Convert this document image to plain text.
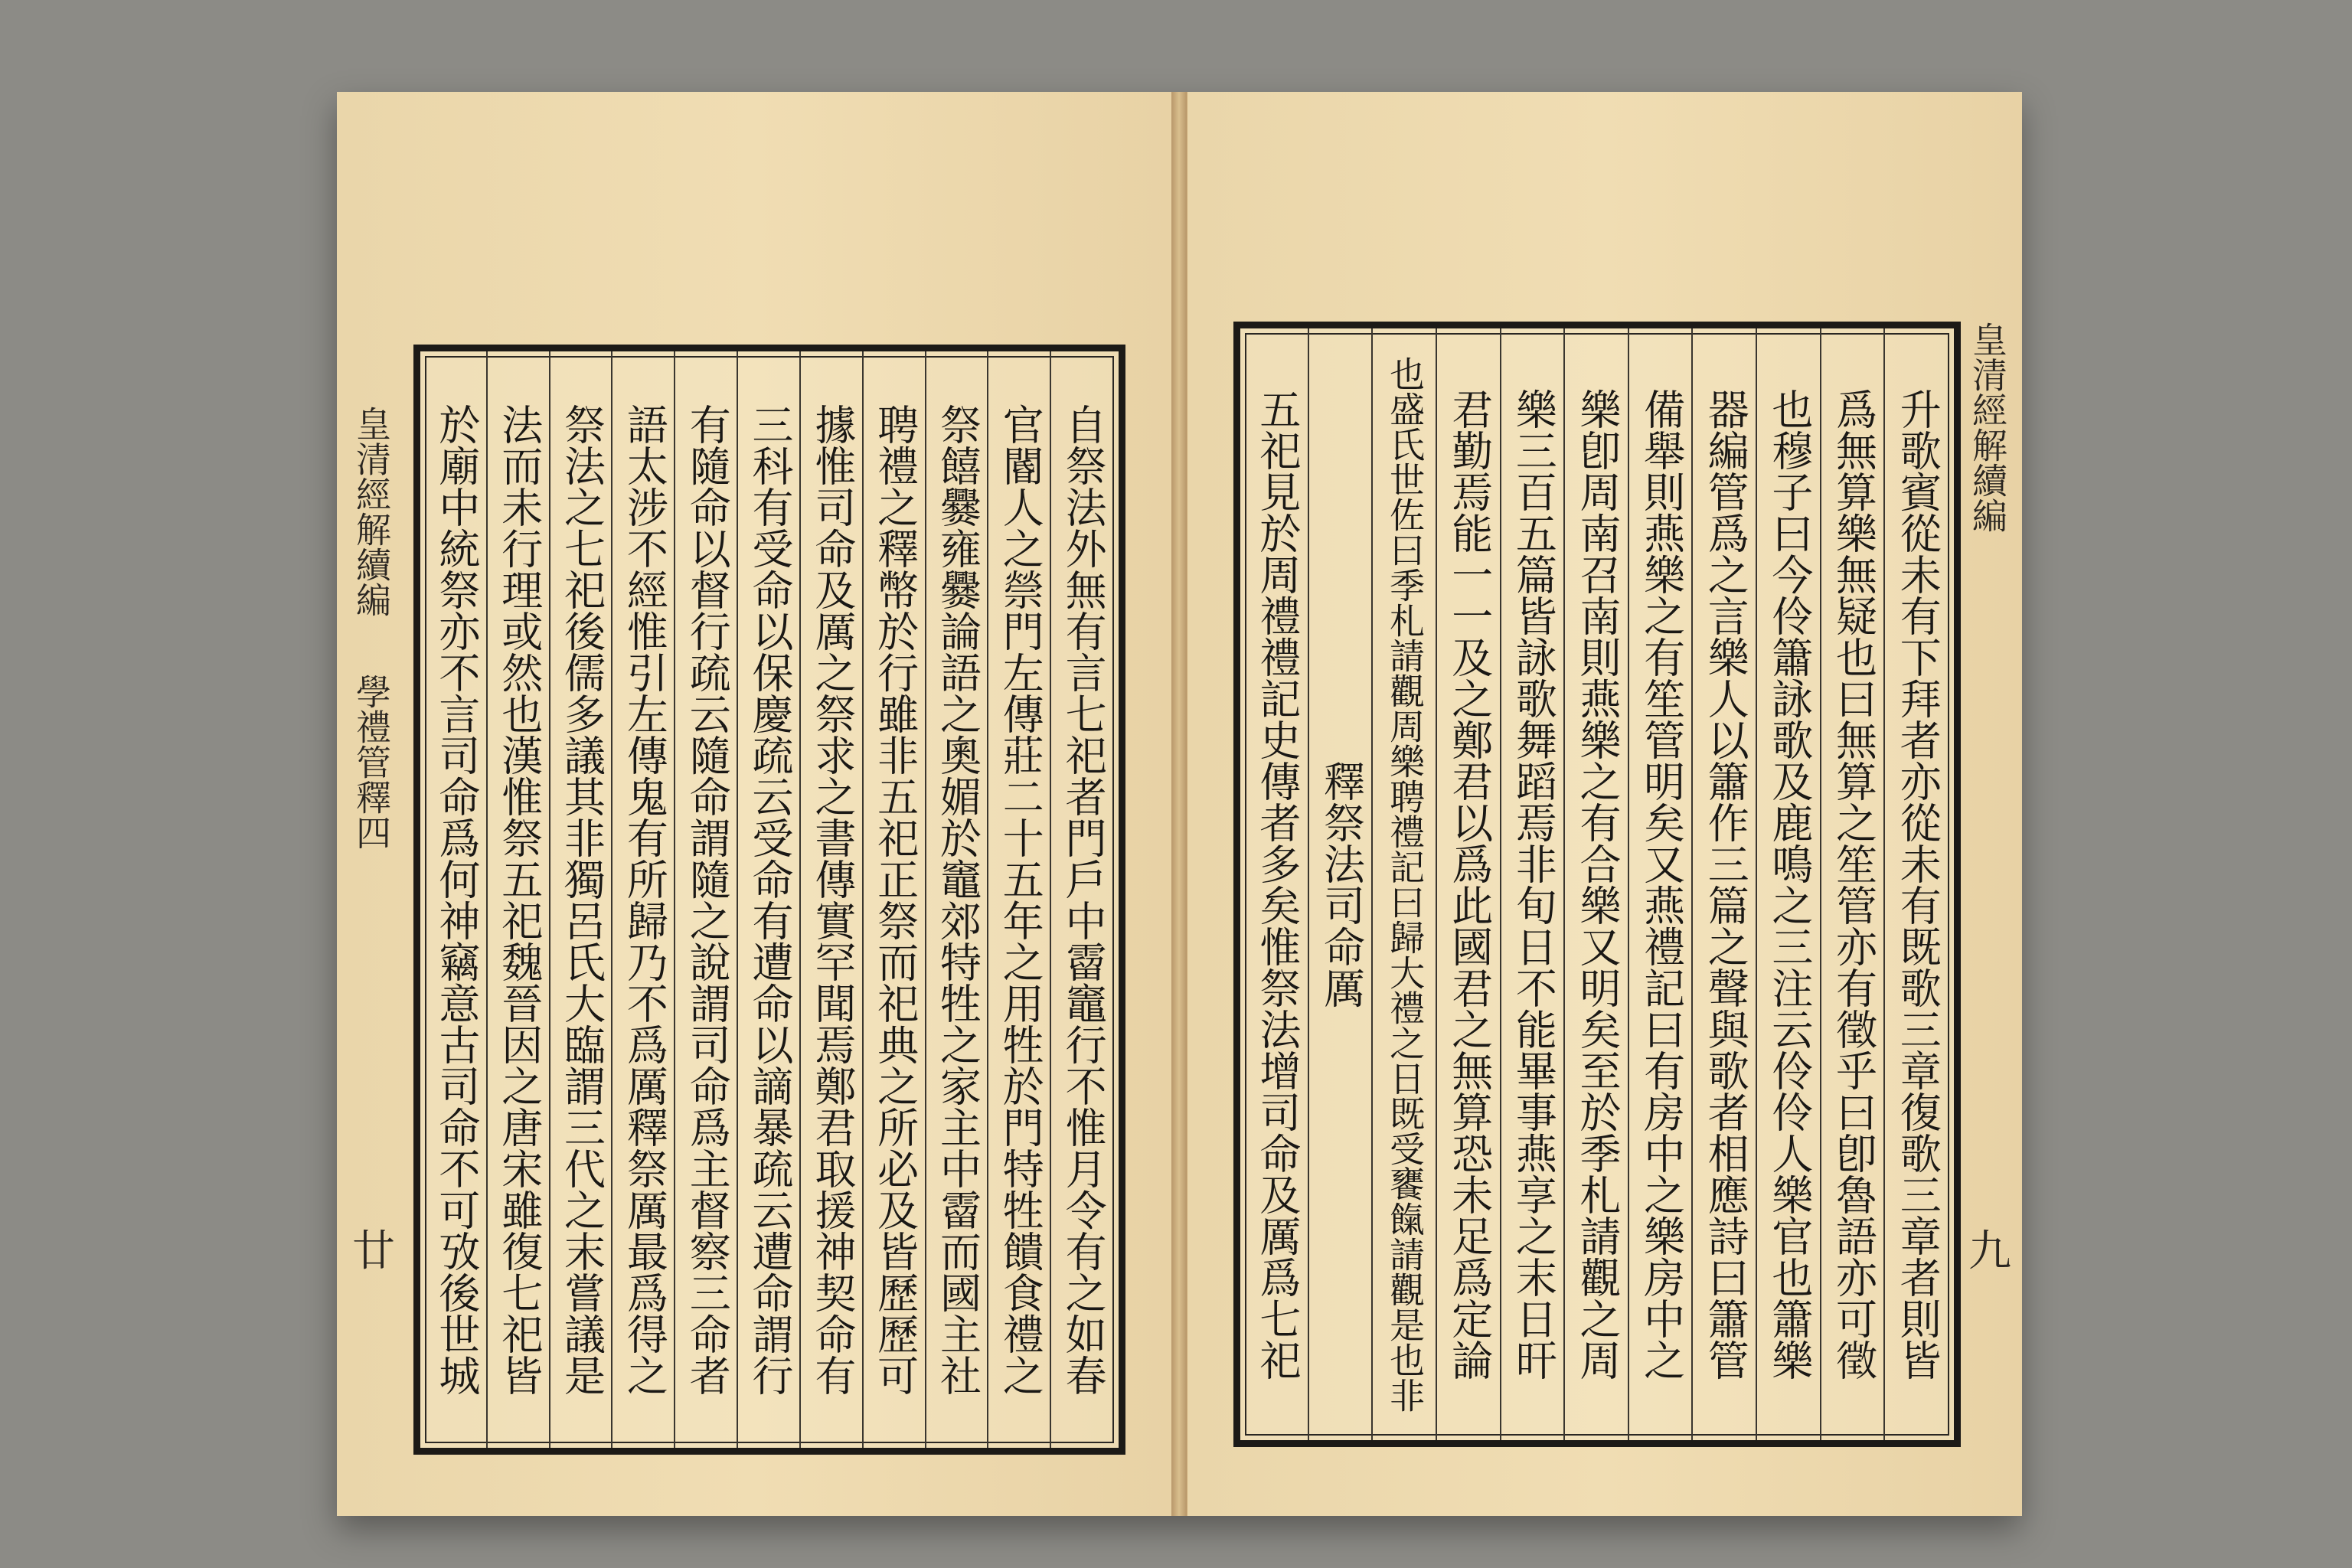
皇清經解續編
學禮管釋四
廿	自祭法外無有言七祀者門戶中霤竈行不惟月令有之如春
官閽人之禜門左傳莊二十五年之用牲於門特牲饋食禮之
祭饎爨雍爨論語之奧媚於竈郊特牲之家主中霤而國主社
聘禮之釋幣於行雖非五祀正祭而祀典之所必及皆歷歷可
據惟司命及厲之祭求之書傳實罕聞焉鄭君取援神契命有
三科有受命以保慶疏云受命有遭命以謫暴疏云遭命謂行
有隨命以督行疏云隨命謂隨之說謂司命爲主督察三命者
語太涉不經惟引左傳鬼有所歸乃不爲厲釋祭厲最爲得之
祭法之七祀後儒多議其非獨呂氏大臨謂三代之末嘗議是
法而未行理或然也漢惟祭五祀魏晉因之唐宋雖復七祀皆
於廟中統祭亦不言司命爲何神竊意古司命不可攷後世城	升歌賓從未有下拜者亦從未有既歌三章復歌三章者則皆
爲無算樂無疑也曰無算之笙管亦有徵乎曰卽魯語亦可徵
也穆子曰今伶簫詠歌及鹿鳴之三注云伶伶人樂官也簫樂
器編管爲之言樂人以簫作三篇之聲與歌者相應詩曰簫管
備舉則燕樂之有笙管明矣又燕禮記曰有房中之樂房中之
樂卽周南召南則燕樂之有合樂又明矣至於季札請觀之周
樂三百五篇皆詠歌舞蹈焉非旬日不能畢事燕享之末日旰
君勤焉能一一及之鄭君以爲此國君之無算恐未足爲定論
也盛氏世佐曰季札請觀周樂聘禮記曰歸大禮之日既受饔餼請觀是也非
釋祭法司命厲
五祀見於周禮禮記史傳者多矣惟祭法增司命及厲爲七祀	皇清經解續編
九
